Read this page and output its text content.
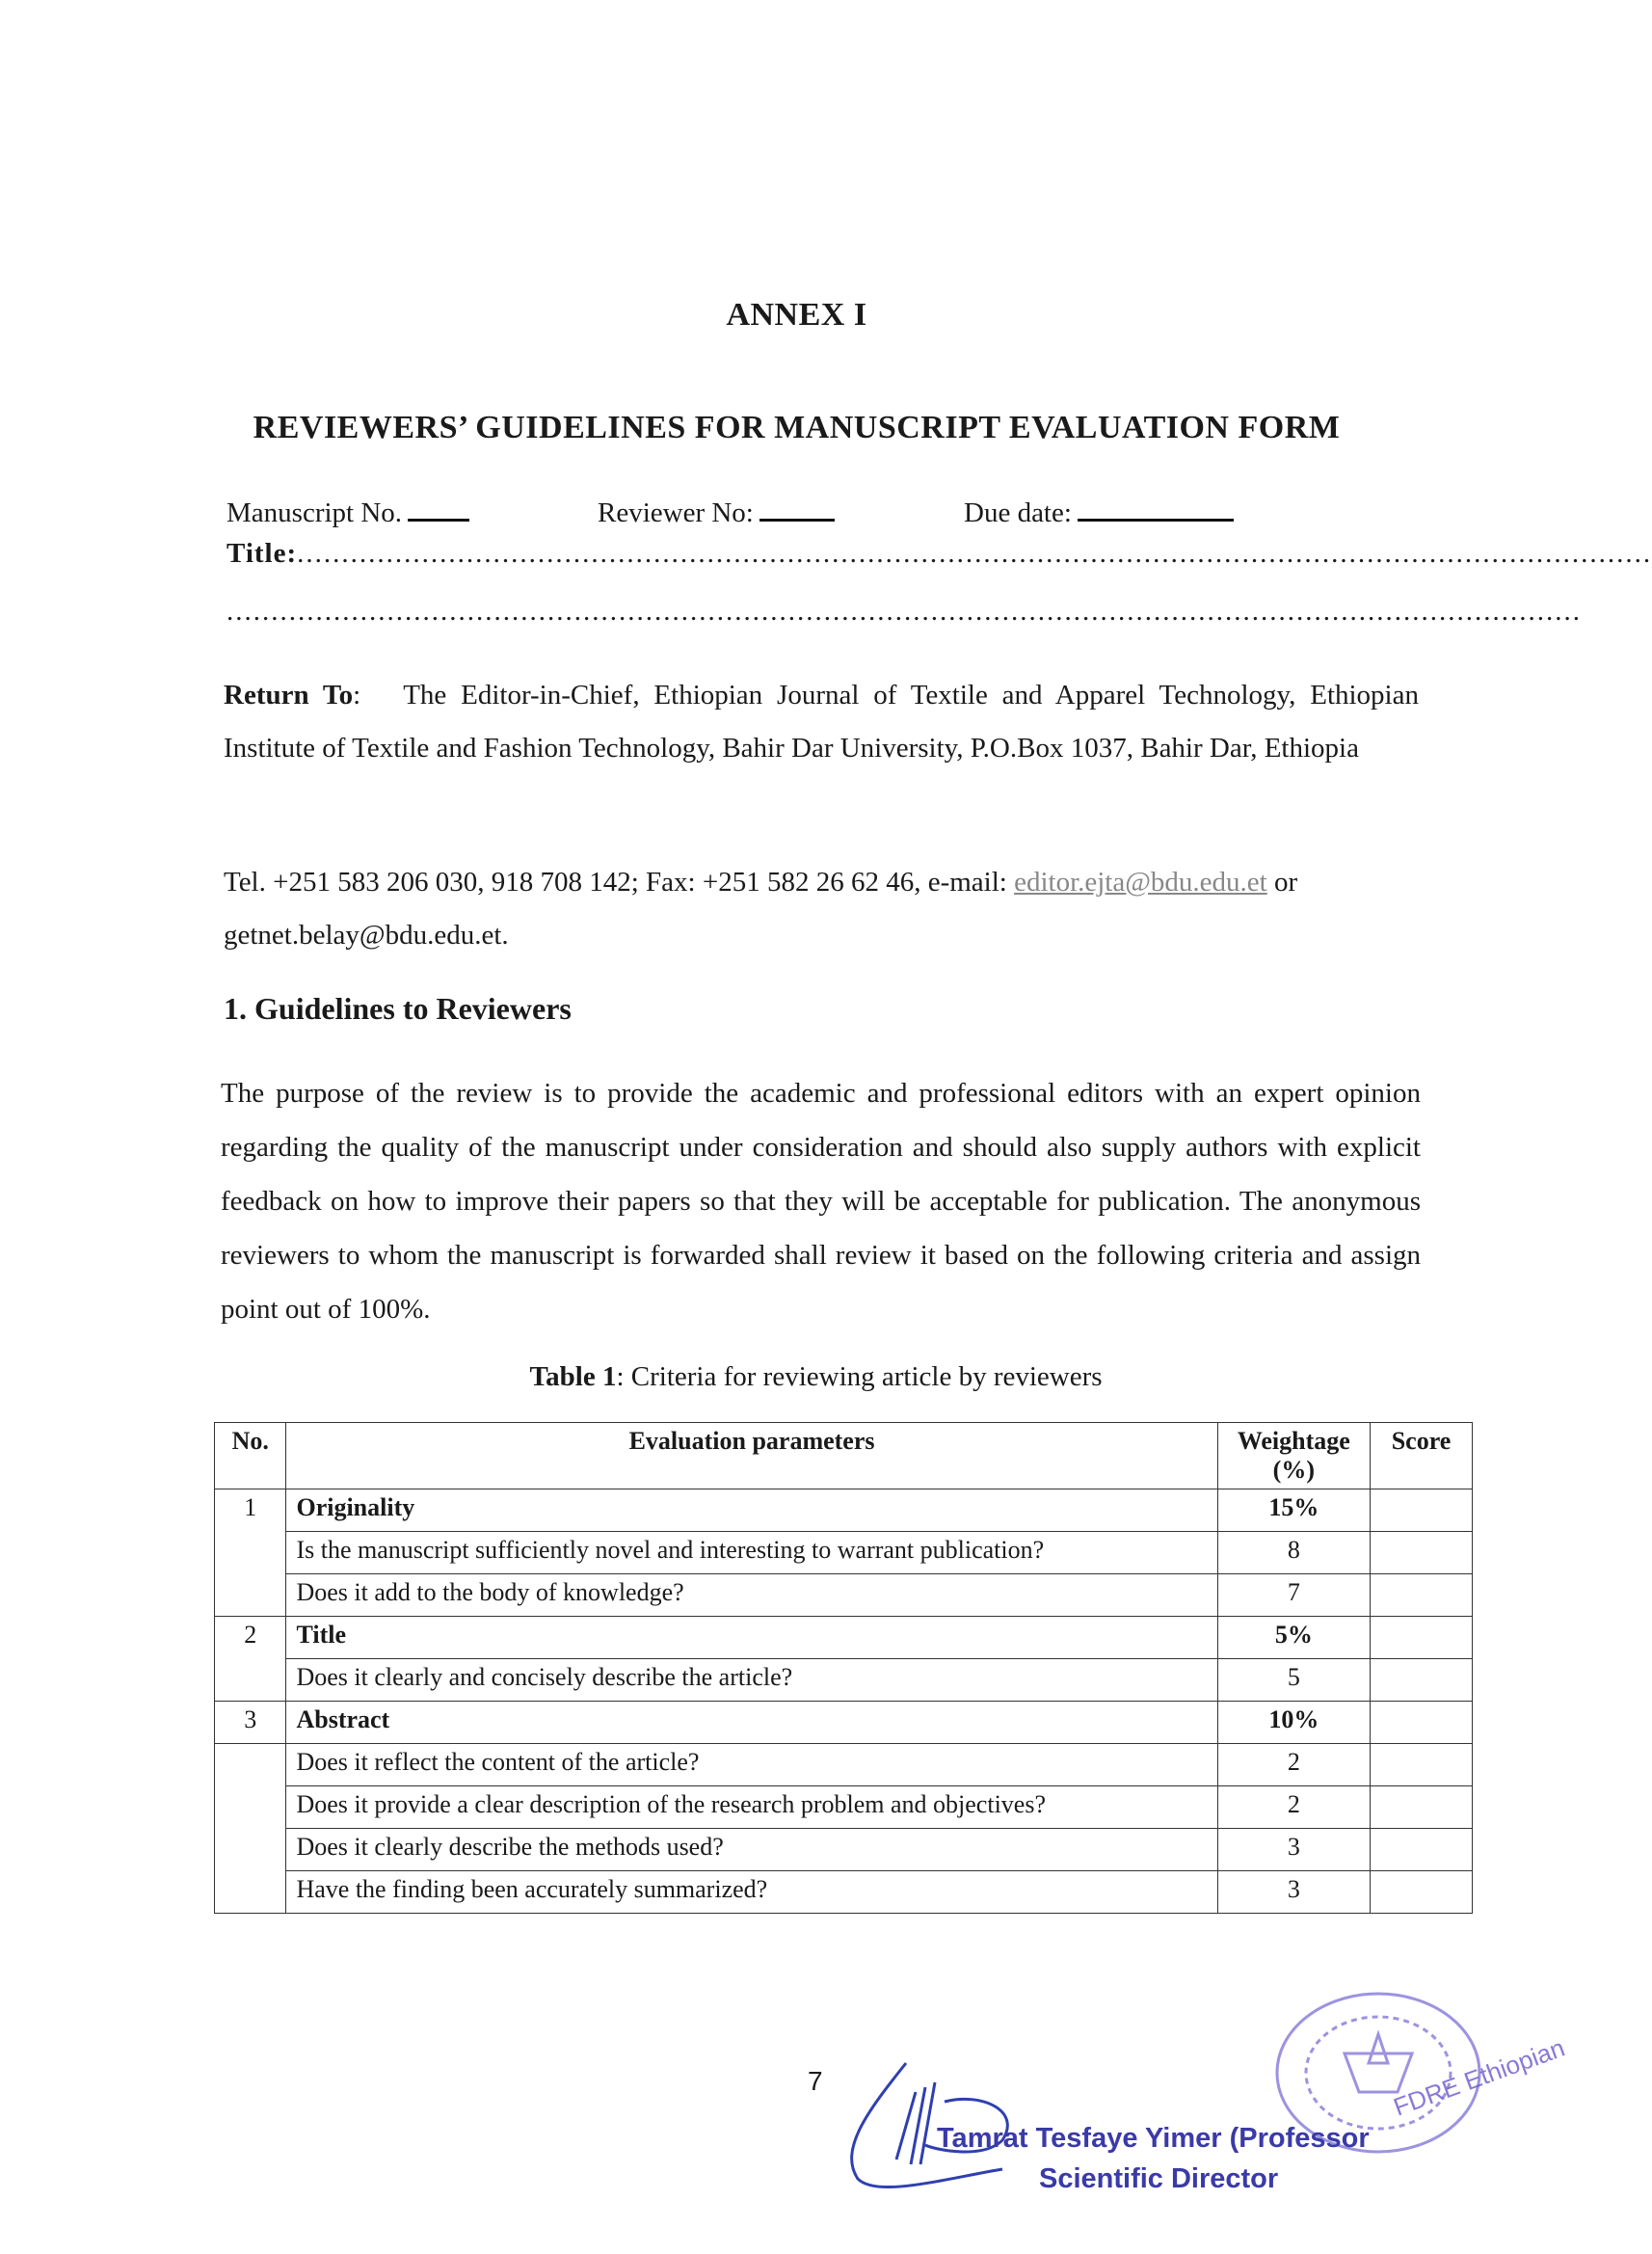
ANNEX I
REVIEWERS’ GUIDELINES FOR MANUSCRIPT EVALUATION FORM
Manuscript No.	Reviewer No:	Due date:
Title:........................................................................................................................................................
........................................................................................................................................................
Return To:   The Editor-in-Chief, Ethiopian Journal of Textile and Apparel Technology, Ethiopian Institute of Textile and Fashion Technology, Bahir Dar University, P.O.Box 1037, Bahir Dar, Ethiopia
Tel. +251 583 206 030, 918 708 142; Fax: +251 582 26 62 46, e-mail: editor.ejta@bdu.edu.et or getnet.belay@bdu.edu.et.
1. Guidelines to Reviewers
The purpose of the review is to provide the academic and professional editors with an expert opinion regarding the quality of the manuscript under consideration and should also supply authors with explicit feedback on how to improve their papers so that they will be acceptable for publication. The anonymous reviewers to whom the manuscript is forwarded shall review it based on the following criteria and assign point out of 100%.
Table 1: Criteria for reviewing article by reviewers
No.	Evaluation parameters	Weightage (%)	Score
1	Originality	15%	
	Is the manuscript sufficiently novel and interesting to warrant publication?	8	
	Does it add to the body of knowledge?	7	
2	Title	5%	
	Does it clearly and concisely describe the article?	5	
3	Abstract	10%	
	Does it reflect the content of the article?	2	
	Does it provide a clear description of the research problem and objectives?	2	
	Does it clearly describe the methods used?	3	
	Have the finding been accurately summarized?	3	
7	FDRE Ethiopian
Tamrat Tesfaye Yimer (Professor
Scientific Director
